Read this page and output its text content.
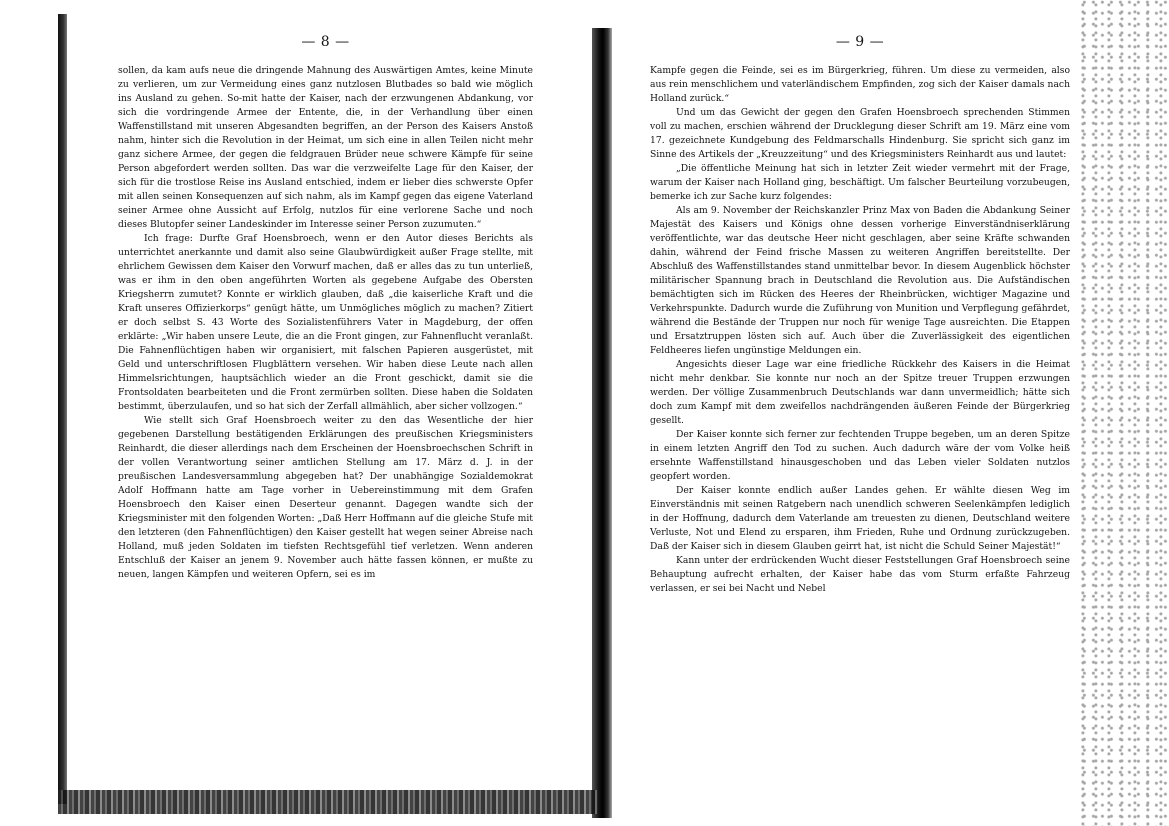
— 8 —

sollen, da kam aufs neue die dringende Mahnung des Auswärtigen Amtes, keine Minute zu verlieren, um zur Vermeidung eines ganz nutzlosen Blutbades so bald wie möglich ins Ausland zu gehen. So-mit hatte der Kaiser, nach der erzwungenen Abdankung, vor sich die vordringende Armee der Entente, die, in der Verhandlung über einen Waffenstillstand mit unseren Abgesandten begriffen, an der Person des Kaisers Anstoß nahm, hinter sich die Revolution in der Heimat, um sich eine in allen Teilen nicht mehr ganz sichere Armee, der gegen die feldgrauen Brüder neue schwere Kämpfe für seine Person abgefordert werden sollten. Das war die verzweifelte Lage für den Kaiser, der sich für die trostlose Reise ins Ausland entschied, indem er lieber dies schwerste Opfer mit allen seinen Konsequenzen auf sich nahm, als im Kampf gegen das eigene Vaterland seiner Armee ohne Aussicht auf Erfolg, nutzlos für eine verlorene Sache und noch dieses Blutopfer seiner Landeskinder im Interesse seiner Person zuzumuten.“

Ich frage: Durfte Graf Hoensbroech, wenn er den Autor dieses Berichts als unterrichtet anerkannte und damit also seine Glaubwürdigkeit außer Frage stellte, mit ehrlichem Gewissen dem Kaiser den Vorwurf machen, daß er alles das zu tun unterließ, was er ihm in den oben angeführten Worten als gegebene Aufgabe des Obersten Kriegsherrn zumutet? Konnte er wirklich glauben, daß „die kaiserliche Kraft und die Kraft unseres Offizierkorps“ genügt hätte, um Unmögliches möglich zu machen? Zitiert er doch selbst S. 43 Worte des Sozialistenführers Vater in Magdeburg, der offen erklärte: „Wir haben unsere Leute, die an die Front gingen, zur Fahnenflucht veranlaßt. Die Fahnenflüchtigen haben wir organisiert, mit falschen Papieren ausgerüstet, mit Geld und unterschriftlosen Flugblättern versehen. Wir haben diese Leute nach allen Himmelsrichtungen, hauptsächlich wieder an die Front geschickt, damit sie die Frontsoldaten bearbeiteten und die Front zermürben sollten. Diese haben die Soldaten bestimmt, überzulaufen, und so hat sich der Zerfall allmählich, aber sicher vollzogen.“

Wie stellt sich Graf Hoensbroech weiter zu den das Wesentliche der hier gegebenen Darstellung bestätigenden Erklärungen des preußischen Kriegsministers Reinhardt, die dieser allerdings nach dem Erscheinen der Hoensbroechschen Schrift in der vollen Verantwortung seiner amtlichen Stellung am 17. März d. J. in der preußischen Landesversammlung abgegeben hat? Der unabhängige Sozialdemokrat Adolf Hoffmann hatte am Tage vorher in Uebereinstimmung mit dem Grafen Hoensbroech den Kaiser einen Deserteur genannt. Dagegen wandte sich der Kriegsminister mit den folgenden Worten: „Daß Herr Hoffmann auf die gleiche Stufe mit den letzteren (den Fahnenflüchtigen) den Kaiser gestellt hat wegen seiner Abreise nach Holland, muß jeden Soldaten im tiefsten Rechtsgefühl tief verletzen. Wenn anderen Entschluß der Kaiser an jenem 9. November auch hätte fassen können, er mußte zu neuen, langen Kämpfen und weiteren Opfern, sei es im

— 9 —

Kampfe gegen die Feinde, sei es im Bürgerkrieg, führen. Um diese zu vermeiden, also aus rein menschlichem und vaterländischem Empfinden, zog sich der Kaiser damals nach Holland zurück.“

Und um das Gewicht der gegen den Grafen Hoensbroech sprechenden Stimmen voll zu machen, erschien während der Drucklegung dieser Schrift am 19. März eine vom 17. gezeichnete Kundgebung des Feldmarschalls Hindenburg. Sie spricht sich ganz im Sinne des Artikels der „Kreuzzeitung“ und des Kriegsministers Reinhardt aus und lautet:

„Die öffentliche Meinung hat sich in letzter Zeit wieder vermehrt mit der Frage, warum der Kaiser nach Holland ging, beschäftigt. Um falscher Beurteilung vorzubeugen, bemerke ich zur Sache kurz folgendes:

Als am 9. November der Reichskanzler Prinz Max von Baden die Abdankung Seiner Majestät des Kaisers und Königs ohne dessen vorherige Einverständniserklärung veröffentlichte, war das deutsche Heer nicht geschlagen, aber seine Kräfte schwanden dahin, während der Feind frische Massen zu weiteren Angriffen bereitstellte. Der Abschluß des Waffenstillstandes stand unmittelbar bevor. In diesem Augenblick höchster militärischer Spannung brach in Deutschland die Revolution aus. Die Aufständischen bemächtigten sich im Rücken des Heeres der Rheinbrücken, wichtiger Magazine und Verkehrspunkte. Dadurch wurde die Zuführung von Munition und Verpflegung gefährdet, während die Bestände der Truppen nur noch für wenige Tage ausreichten. Die Etappen und Ersatztruppen lösten sich auf. Auch über die Zuverlässigkeit des eigentlichen Feldheeres liefen ungünstige Meldungen ein.

Angesichts dieser Lage war eine friedliche Rückkehr des Kaisers in die Heimat nicht mehr denkbar. Sie konnte nur noch an der Spitze treuer Truppen erzwungen werden. Der völlige Zusammenbruch Deutschlands war dann unvermeidlich; hätte sich doch zum Kampf mit dem zweifellos nachdrängenden äußeren Feinde der Bürgerkrieg gesellt.

Der Kaiser konnte sich ferner zur fechtenden Truppe begeben, um an deren Spitze in einem letzten Angriff den Tod zu suchen. Auch dadurch wäre der vom Volke heiß ersehnte Waffenstillstand hinausgeschoben und das Leben vieler Soldaten nutzlos geopfert worden.

Der Kaiser konnte endlich außer Landes gehen. Er wählte diesen Weg im Einverständnis mit seinen Ratgebern nach unendlich schweren Seelenkämpfen lediglich in der Hoffnung, dadurch dem Vaterlande am treuesten zu dienen, Deutschland weitere Verluste, Not und Elend zu ersparen, ihm Frieden, Ruhe und Ordnung zurückzugeben. Daß der Kaiser sich in diesem Glauben geirrt hat, ist nicht die Schuld Seiner Majestät!“

Kann unter der erdrückenden Wucht dieser Feststellungen Graf Hoensbroech seine Behauptung aufrecht erhalten, der Kaiser habe das vom Sturm erfaßte Fahrzeug verlassen, er sei bei Nacht und Nebel
